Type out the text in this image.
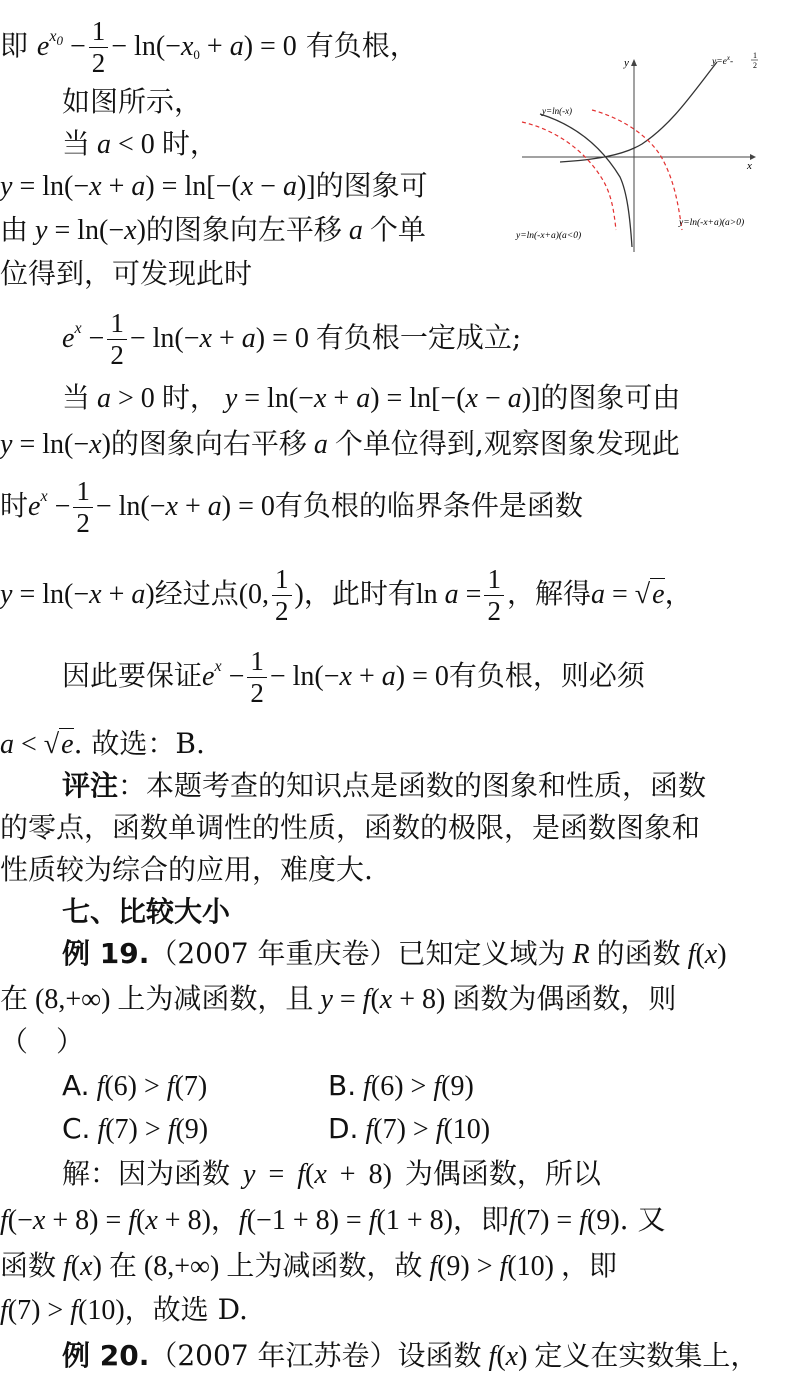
y
x
$y=e^x-$
1
2
y=ln(-x)
y=ln(-x+a)(a<0)
y=ln(-x+a)(a>0)
即 $e^{x_0} - \frac{1}{2} - \ln(-x_0 + a) = 0$ 有负根，
如图所示，
当 a < 0 时，
y = ln(−x + a) = ln[−(x − a)]的图象可
由 y = ln(−x)的图象向左平移 a 个单
位得到，可发现此时
$e^x - \frac{1}{2} - \ln(-x + a) = 0$ 有负根一定成立;
当 a > 0 时， y = ln(−x + a) = ln[−(x − a)]的图象可由
y = ln(−x)的图象向右平移 a 个单位得到,观察图象发现此
时$e^x - \frac{1}{2} - \ln(-x + a) = 0$有负根的临界条件是函数
y = ln(−x + a)经过点(0, $\frac{1}{2}$ )，此时有$\ln a = \frac{1}{2}$ ，解得a = √e，
因此要保证$e^x - \frac{1}{2} - \ln(-x + a) = 0$有负根，则必须
a < √e. 故选：B.
评注：本题考查的知识点是函数的图象和性质，函数
的零点，函数单调性的性质，函数的极限，是函数图象和
性质较为综合的应用，难度大.
七、比较大小
例 19.（2007 年重庆卷）已知定义域为 R 的函数 f(x)
在 (8,+∞) 上为减函数，且 y = f(x + 8) 函数为偶函数，则
（　）
A. f(6) > f(7)	B. f(6) > f(9)
C. f(7) > f(9)	D. f(7) > f(10)
解：因为函数 y = f(x + 8) 为偶函数，所以
f(−x + 8) = f(x + 8)，f(−1 + 8) = f(1 + 8)，即f(7) = f(9). 又
函数 f(x) 在 (8,+∞) 上为减函数，故 f(9) > f(10) ，即
f(7) > f(10)，故选 D.
例 20.（2007 年江苏卷）设函数 f(x) 定义在实数集上，
